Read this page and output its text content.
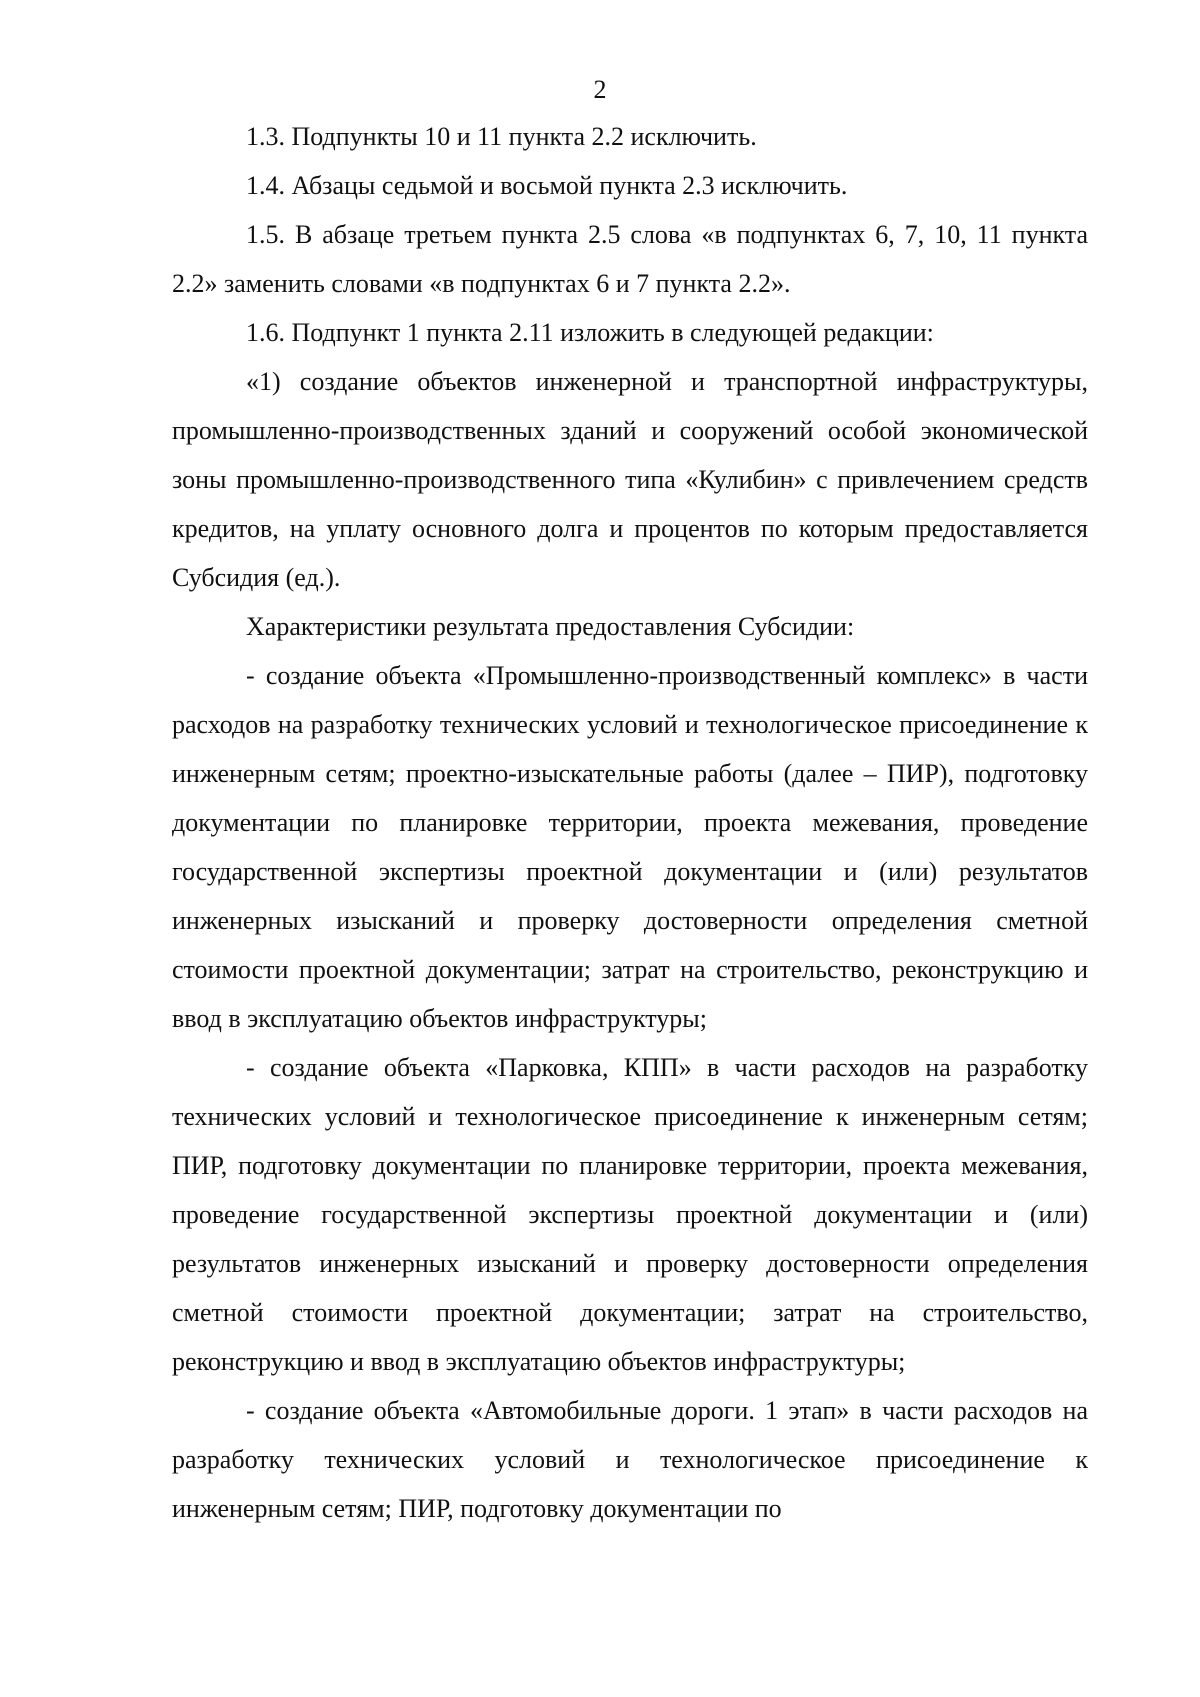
2

1.3. Подпункты 10 и 11 пункта 2.2 исключить.

1.4. Абзацы седьмой и восьмой пункта 2.3 исключить.

1.5. В абзаце третьем пункта 2.5 слова «в подпунктах 6, 7, 10, 11 пункта 2.2» заменить словами «в подпунктах 6 и 7 пункта 2.2».

1.6. Подпункт 1 пункта 2.11 изложить в следующей редакции:

«1) создание объектов инженерной и транспортной инфраструктуры, промышленно-производственных зданий и сооружений особой экономической зоны промышленно-производственного типа «Кулибин» с привлечением средств кредитов, на уплату основного долга и процентов по которым предоставляется Субсидия (ед.).

Характеристики результата предоставления Субсидии:

- создание объекта «Промышленно-производственный комплекс» в части расходов на разработку технических условий и технологическое присоединение к инженерным сетям; проектно-изыскательные работы (далее – ПИР), подготовку документации по планировке территории, проекта межевания, проведение государственной экспертизы проектной документации и (или) результатов инженерных изысканий и проверку достоверности определения сметной стоимости проектной документации; затрат на строительство, реконструкцию и ввод в эксплуатацию объектов инфраструктуры;

- создание объекта «Парковка, КПП» в части расходов на разработку технических условий и технологическое присоединение к инженерным сетям; ПИР, подготовку документации по планировке территории, проекта межевания, проведение государственной экспертизы проектной документации и (или) результатов инженерных изысканий и проверку достоверности определения сметной стоимости проектной документации; затрат на строительство, реконструкцию и ввод в эксплуатацию объектов инфраструктуры;

- создание объекта «Автомобильные дороги. 1 этап» в части расходов на разработку технических условий и технологическое присоединение к инженерным сетям; ПИР, подготовку документации по
